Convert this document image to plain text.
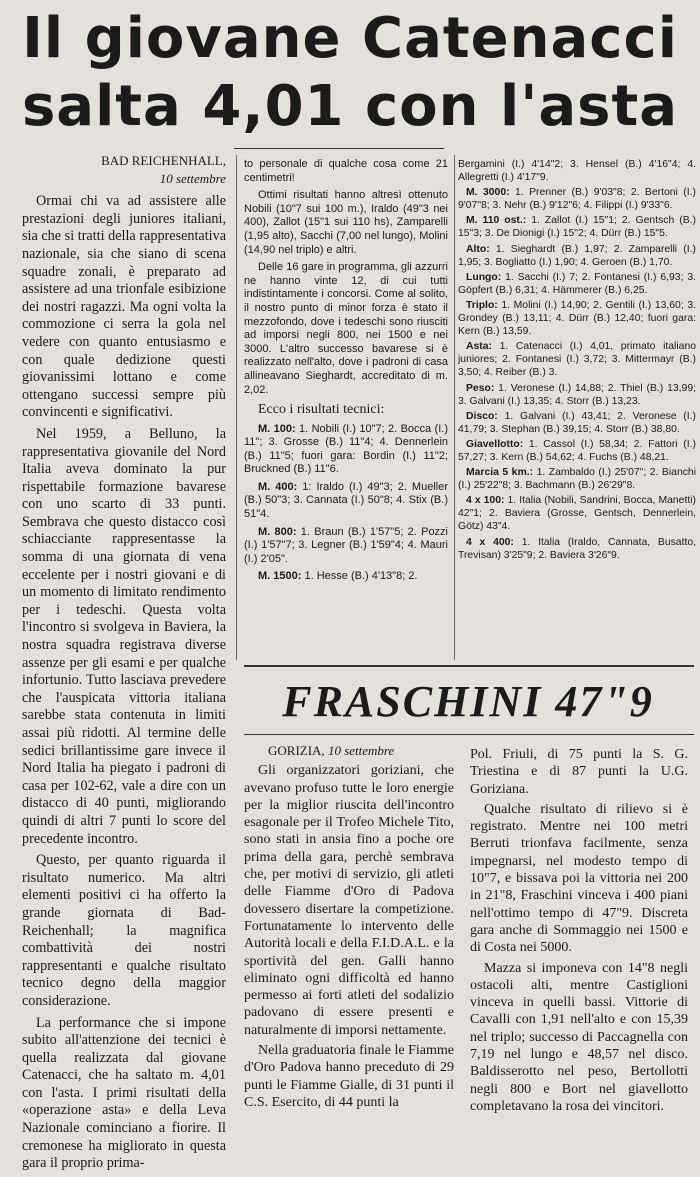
Il giovane Catenacci
salta 4,01 con l'asta
BAD REICHENHALL,
10 settembre

Ormai chi va ad assistere alle prestazioni degli juniores italiani, sia che si tratti della rappresentativa nazionale, sia che siano di scena squadre zonali, è preparato ad assistere ad una trionfale esibizione dei nostri ragazzi. Ma ogni volta la commozione ci serra la gola nel vedere con quanto entusiasmo e con quale dedizione questi giovanissimi lottano e come ottengano successi sempre più convincenti e significativi.

Nel 1959, a Belluno, la rappresentativa giovanile del Nord Italia aveva dominato la pur rispettabile formazione bavarese con uno scarto di 33 punti. Sembrava che questo distacco così schiacciante rappresentasse la somma di una giornata di vena eccelente per i nostri giovani e di un momento di limitato rendimento per i tedeschi. Questa volta l'incontro si svolgeva in Baviera, la nostra squadra registrava diverse assenze per gli esami e per qualche infortunio. Tutto lasciava prevedere che l'auspicata vittoria italiana sarebbe stata contenuta in limiti assai più ridotti. Al termine delle sedici brillantissime gare invece il Nord Italia ha piegato i padroni di casa per 102-62, vale a dire con un distacco di 40 punti, migliorando quindi di altri 7 punti lo score del precedente incontro.

Questo, per quanto riguarda il risultato numerico. Ma altri elementi positivi ci ha offerto la grande giornata di Bad-Reichenhall; la magnifica combattività dei nostri rappresentanti e qualche risultato tecnico degno della maggior considerazione.

La performance che si impone subito all'attenzione dei tecnici è quella realizzata dal giovane Catenacci, che ha saltato m. 4,01 con l'asta. I primi risultati della «operazione asta» e della Leva Nazionale cominciano a fiorire. Il cremonese ha migliorato in questa gara il proprio prima-

to personale di qualche cosa come 21 centimetri!

Ottimi risultati hanno altresì ottenuto Nobili (10"7 sui 100 m.), Iraldo (49"3 nei 400), Zallot (15"1 sui 110 hs), Zamparelli (1,95 alto), Sacchi (7,00 nel lungo), Molini (14,90 nel triplo) e altri.

Delle 16 gare in programma, gli azzurri ne hanno vinte 12, di cui tutti indistintamente i concorsi. Come al solito, il nostro punto di minor forza è stato il mezzofondo, dove i tedeschi sono riusciti ad imporsi negli 800, nei 1500 e nei 3000. L'altro successo bavarese si è realizzato nell'alto, dove i padroni di casa allineavano Sieghardt, accreditato di m. 2,02.

Ecco i risultati tecnici:

M. 100: 1. Nobili (I.) 10"7; 2. Bocca (I.) 11"; 3. Grosse (B.) 11"4; 4. Dennerlein (B.) 11"5; fuori gara: Bordin (I.) 11"2; Bruckned (B.) 11"6.

M. 400: 1: Iraldo (I.) 49"3; 2. Mueller (B.) 50"3; 3. Cannata (I.) 50"8; 4. Stix (B.) 51"4.

M. 800: 1. Braun (B.) 1'57"5; 2. Pozzi (I.) 1'57"7; 3. Legner (B.) 1'59"4; 4. Mauri (I.) 2'05".

M. 1500: 1. Hesse (B.) 4'13"8; 2.

Bergamini (I.) 4'14"2; 3. Hensel (B.) 4'16"4; 4. Allegretti (I.) 4'17"9.

M. 3000: 1. Prenner (B.) 9'03"8; 2. Bertoni (I.) 9'07"8; 3. Nehr (B.) 9'12"6; 4. Filippi (I.) 9'33"6.

M. 110 ost.: 1. Zallot (I.) 15"1; 2. Gentsch (B.) 15"3; 3. De Dionigi (I.) 15"2; 4. Dürr (B.) 15"5.

Alto: 1. Sieghardt (B.) 1,97; 2. Zamparelli (I.) 1,95; 3. Bogliatto (I.) 1,90; 4. Geroen (B.) 1,70.

Lungo: 1. Sacchi (I.) 7; 2. Fontanesi (I.) 6,93; 3. Göpfert (B.) 6,31; 4. Hämmerer (B.) 6,25.

Triplo: 1. Molini (I.) 14,90; 2. Gentili (I.) 13,60; 3. Grondey (B.) 13,11; 4. Dürr (B.) 12,40; fuori gara: Kern (B.) 13,59.

Asta: 1. Catenacci (I.) 4,01, primato italiano juniores; 2. Fontanesi (I.) 3,72; 3. Mittermayr (B.) 3,50; 4. Reiber (B.) 3.

Peso: 1. Veronese (I.) 14,88; 2. Thiel (B.) 13,99; 3. Galvani (I.) 13,35; 4. Storr (B.) 13,23.

Disco: 1. Galvani (I.) 43,41; 2. Veronese (I.) 41,79; 3. Stephan (B.) 39,15; 4. Storr (B.) 38,80.

Giavellotto: 1. Cassol (I.) 58,34; 2. Fattori (I.) 57,27; 3. Kern (B.) 54,62; 4. Fuchs (B.) 48,21.

Marcia 5 km.: 1. Zambaldo (I.) 25'07"; 2. Bianchi (I.) 25'22"8; 3. Bachmann (B.) 26'29"8.

4 x 100: 1. Italia (Nobili, Sandrini, Bocca, Manetti) 42"1; 2. Baviera (Grosse, Gentsch, Dennerlein, Götz) 43"4.

4 x 400: 1. Italia (Iraldo, Cannata, Busatto, Trevisan) 3'25"9; 2. Baviera 3'26"9.

FRASCHINI 47"9

GORIZIA, 10 settembre

Gli organizzatori goriziani, che avevano profuso tutte le loro energie per la miglior riuscita dell'incontro esagonale per il Trofeo Michele Tito, sono stati in ansia fino a poche ore prima della gara, perchè sembrava che, per motivi di servizio, gli atleti delle Fiamme d'Oro di Padova dovessero disertare la competizione. Fortunatamente lo intervento delle Autorità locali e della F.I.D.A.L. e la sportività del gen. Galli hanno eliminato ogni difficoltà ed hanno permesso ai forti atleti del sodalizio padovano di essere presenti e naturalmente di imporsi nettamente.

Nella graduatoria finale le Fiamme d'Oro Padova hanno preceduto di 29 punti le Fiamme Gialle, di 31 punti il C.S. Esercito, di 44 punti la

Pol. Friuli, di 75 punti la S. G. Triestina e di 87 punti la U.G. Goriziana.

Qualche risultato di rilievo si è registrato. Mentre nei 100 metri Berruti trionfava facilmente, senza impegnarsi, nel modesto tempo di 10"7, e bissava poi la vittoria nei 200 in 21"8, Fraschini vinceva i 400 piani nell'ottimo tempo di 47"9. Discreta gara anche di Sommaggio nei 1500 e di Costa nei 5000.

Mazza si imponeva con 14"8 negli ostacoli alti, mentre Castiglioni vinceva in quelli bassi. Vittorie di Cavalli con 1,91 nell'alto e con 15,39 nel triplo; successo di Paccagnella con 7,19 nel lungo e 48,57 nel disco. Baldisserotto nel peso, Bertollotti negli 800 e Bort nel giavellotto completavano la rosa dei vincitori.
